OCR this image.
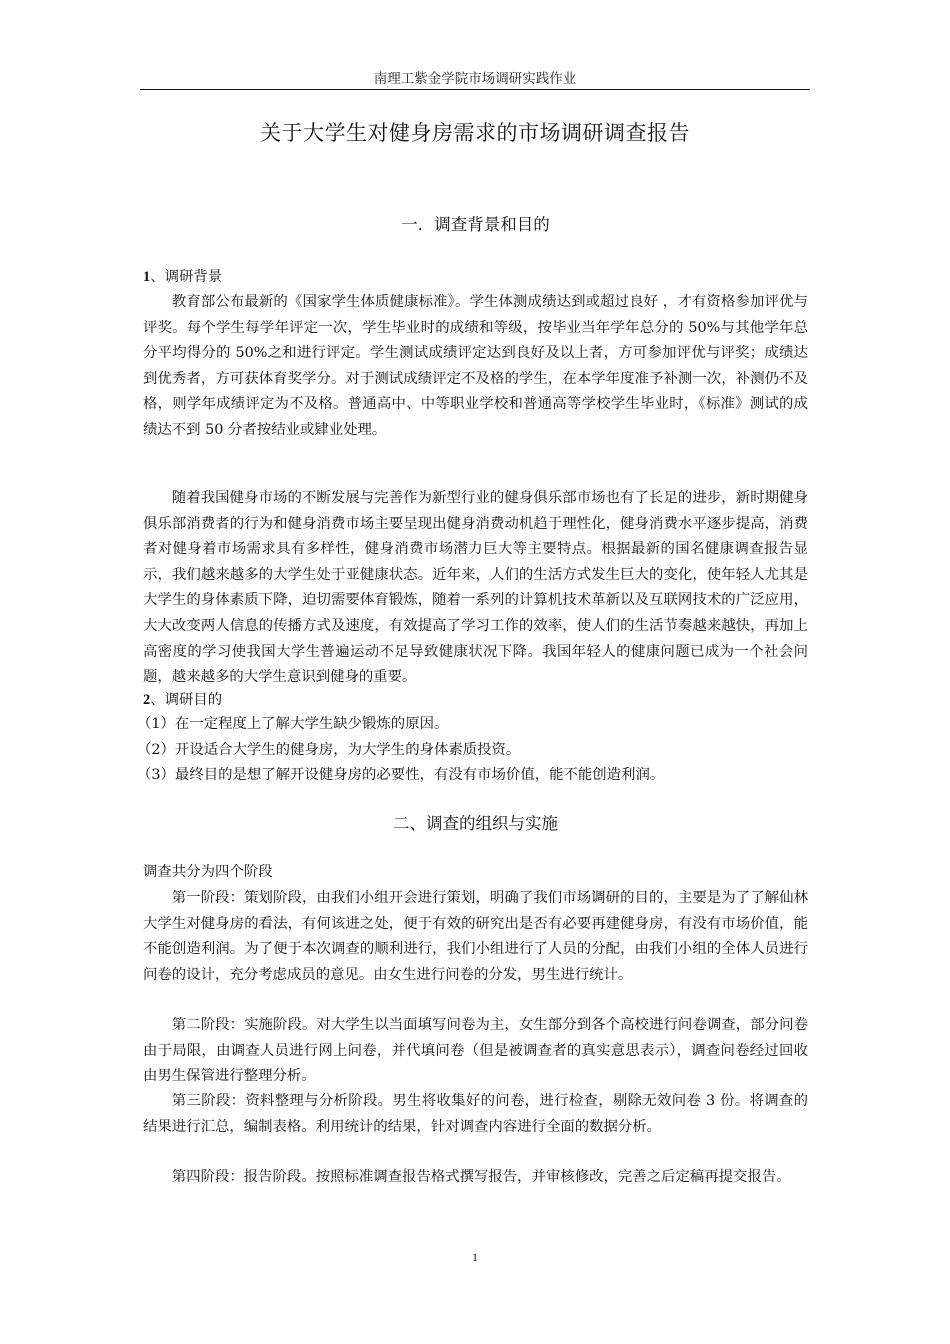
南理工紫金学院市场调研实践作业
关于大学生对健身房需求的市场调研调查报告
一．调查背景和目的
1、调研背景
教育部公布最新的《国家学生体质健康标准》。学生体测成绩达到或超过良好 ，才有资格参加评优与评奖。每个学生每学年评定一次，学生毕业时的成绩和等级，按毕业当年学年总分的 50%与其他学年总分平均得分的 50%之和进行评定。学生测试成绩评定达到良好及以上者，方可参加评优与评奖；成绩达到优秀者，方可获体育奖学分。对于测试成绩评定不及格的学生，在本学年度准予补测一次，补测仍不及格，则学年成绩评定为不及格。普通高中、中等职业学校和普通高等学校学生毕业时，《标准》测试的成绩达不到 50 分者按结业或肄业处理。
随着我国健身市场的不断发展与完善作为新型行业的健身俱乐部市场也有了长足的进步，新时期健身俱乐部消费者的行为和健身消费市场主要呈现出健身消费动机趋于理性化，健身消费水平逐步提高，消费者对健身着市场需求具有多样性，健身消费市场潜力巨大等主要特点。根据最新的国名健康调查报告显示，我们越来越多的大学生处于亚健康状态。近年来，人们的生活方式发生巨大的变化，使年轻人尤其是大学生的身体素质下降，迫切需要体育锻炼，随着一系列的计算机技术革新以及互联网技术的广泛应用，大大改变两人信息的传播方式及速度，有效提高了学习工作的效率，使人们的生活节奏越来越快，再加上高密度的学习使我国大学生普遍运动不足导致健康状况下降。我国年轻人的健康问题已成为一个社会问题，越来越多的大学生意识到健身的重要。
2、调研目的
（1）在一定程度上了解大学生缺少锻炼的原因。
（2）开设适合大学生的健身房，为大学生的身体素质投资。
（3）最终目的是想了解开设健身房的必要性，有没有市场价值，能不能创造利润。
二、调查的组织与实施
调查共分为四个阶段
第一阶段：策划阶段，由我们小组开会进行策划，明确了我们市场调研的目的，主要是为了了解仙林大学生对健身房的看法，有何该进之处，便于有效的研究出是否有必要再建健身房，有没有市场价值，能不能创造利润。为了便于本次调查的顺利进行，我们小组进行了人员的分配，由我们小组的全体人员进行问卷的设计，充分考虑成员的意见。由女生进行问卷的分发，男生进行统计。
第二阶段：实施阶段。对大学生以当面填写问卷为主，女生部分到各个高校进行问卷调查，部分问卷由于局限，由调查人员进行网上问卷，并代填问卷（但是被调查者的真实意思表示），调查问卷经过回收由男生保管进行整理分析。
第三阶段：资料整理与分析阶段。男生将收集好的问卷，进行检查，剔除无效问卷 3 份。将调查的结果进行汇总，编制表格。利用统计的结果，针对调查内容进行全面的数据分析。
第四阶段：报告阶段。按照标准调查报告格式撰写报告，并审核修改，完善之后定稿再提交报告。
1
